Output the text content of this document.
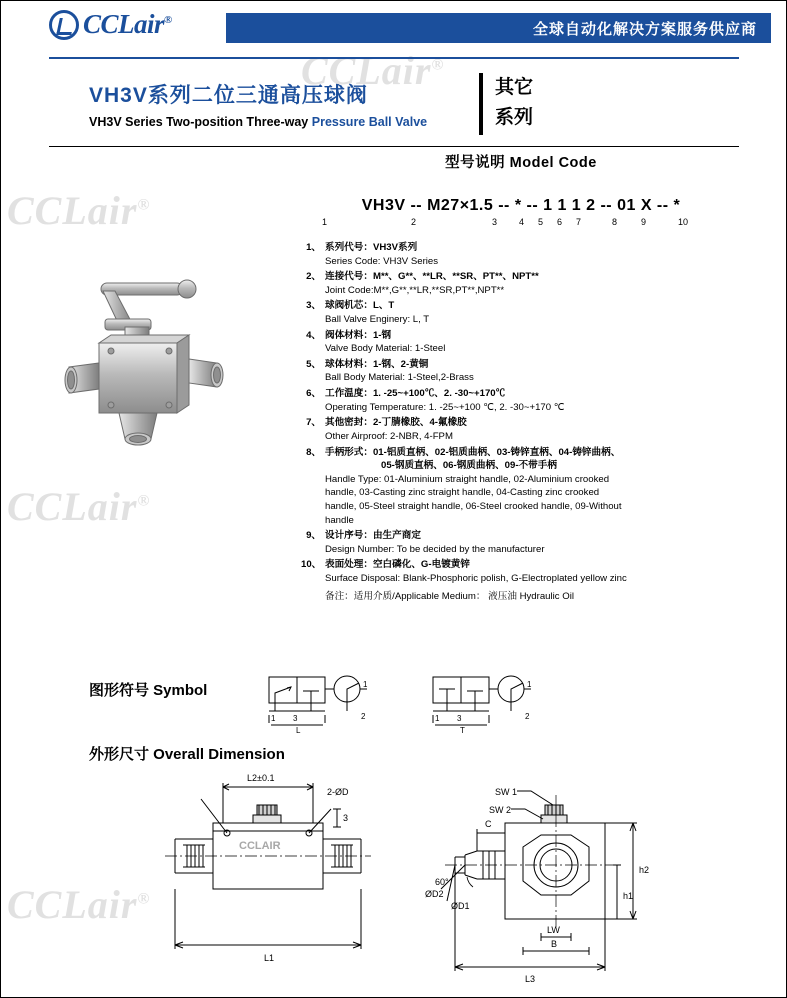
CCLair®
CCLair®
CCLair®
CCLair®
CCLair®
全球自动化解决方案服务供应商
VH3V系列二位三通高压球阀
VH3V Series Two-position Three-way Pressure Ball Valve
其它
系列
型号说明 Model Code
VH3V -- M27×1.5 -- * -- 1 1 1 2 -- 01 X -- *
1	2	3 4 5 6 7	8	9	10
1、 系列代号：VH3V系列
Series Code: VH3V Series
2、 连接代号：M**、G**、**LR、**SR、PT**、NPT**
Joint Code:M**,G**,**LR,**SR,PT**,NPT**
3、 球阀机芯：L、T
Ball Valve Enginery: L, T
4、 阀体材料：1-钢
Valve Body Material: 1-Steel
5、 球体材料：1-钢、2-黄铜
Ball Body Material: 1-Steel,2-Brass
6、 工作温度：1. -25~+100℃、2. -30~+170℃
Operating Temperature: 1. -25~+100 ℃, 2. -30~+170 ℃
7、 其他密封：2-丁腈橡胶、4-氟橡胶
Other Airproof: 2-NBR, 4-FPM
8、 手柄形式：01-铝质直柄、02-铝质曲柄、03-铸锌直柄、04-铸锌曲柄、
05-钢质直柄、06-钢质曲柄、09-不带手柄
Handle Type: 01-Aluminium straight handle, 02-Aluminium crooked
handle, 03-Casting zinc straight handle, 04-Casting zinc crooked
handle, 05-Steel straight handle, 06-Steel crooked handle, 09-Without
handle
9、 设计序号：由生产商定
Design Number: To be decided by the manufacturer
10、 表面处理：空白磷化、G-电镀黄锌
Surface Disposal: Blank-Phosphoric polish, G-Electroplated yellow zinc
备注：适用介质/Applicable Medium： 液压油 Hydraulic Oil
图形符号 Symbol
1 3	2
1
L
1 3	2
1
T
外形尺寸 Overall Dimension
L2±0.1
2-ØD
3
CCLAIR
L1
SW 1
SW 2
C
ØD2
ØD1
60°
h2
h1
LW
B
L3
